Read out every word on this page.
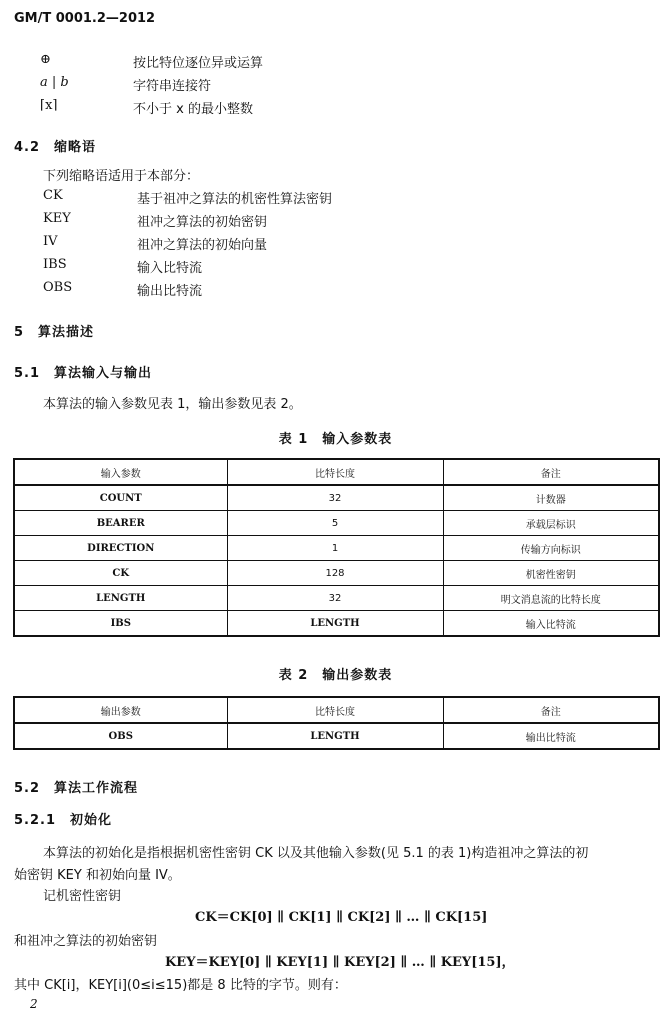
GM/T 0001.2—2012
⊕	按比特位逐位异或运算
a | b	字符串连接符
⌈x⌉	不小于 x 的最小整数
4.2　缩略语
下列缩略语适用于本部分：
CK	基于祖冲之算法的机密性算法密钥
KEY	祖冲之算法的初始密钥
IV	祖冲之算法的初始向量
IBS	输入比特流
OBS	输出比特流
5　算法描述
5.1　算法输入与输出
本算法的输入参数见表 1，输出参数见表 2。
表 1　输入参数表
输入参数	比特长度	备注
COUNT	32	计数器
BEARER	5	承载层标识
DIRECTION	1	传输方向标识
CK	128	机密性密钥
LENGTH	32	明文消息流的比特长度
IBS	LENGTH	输入比特流
表 2　输出参数表
输出参数	比特长度	备注
OBS	LENGTH	输出比特流
5.2　算法工作流程
5.2.1　初始化
本算法的初始化是指根据机密性密钥 CK 以及其他输入参数(见 5.1 的表 1)构造祖冲之算法的初
始密钥 KEY 和初始向量 IV。
记机密性密钥
CK＝CK[0] ∥ CK[1] ∥ CK[2] ∥ … ∥ CK[15]
和祖冲之算法的初始密钥
KEY＝KEY[0] ∥ KEY[1] ∥ KEY[2] ∥ … ∥ KEY[15]，
其中 CK[i]，KEY[i](0≤i≤15)都是 8 比特的字节。则有：
2
